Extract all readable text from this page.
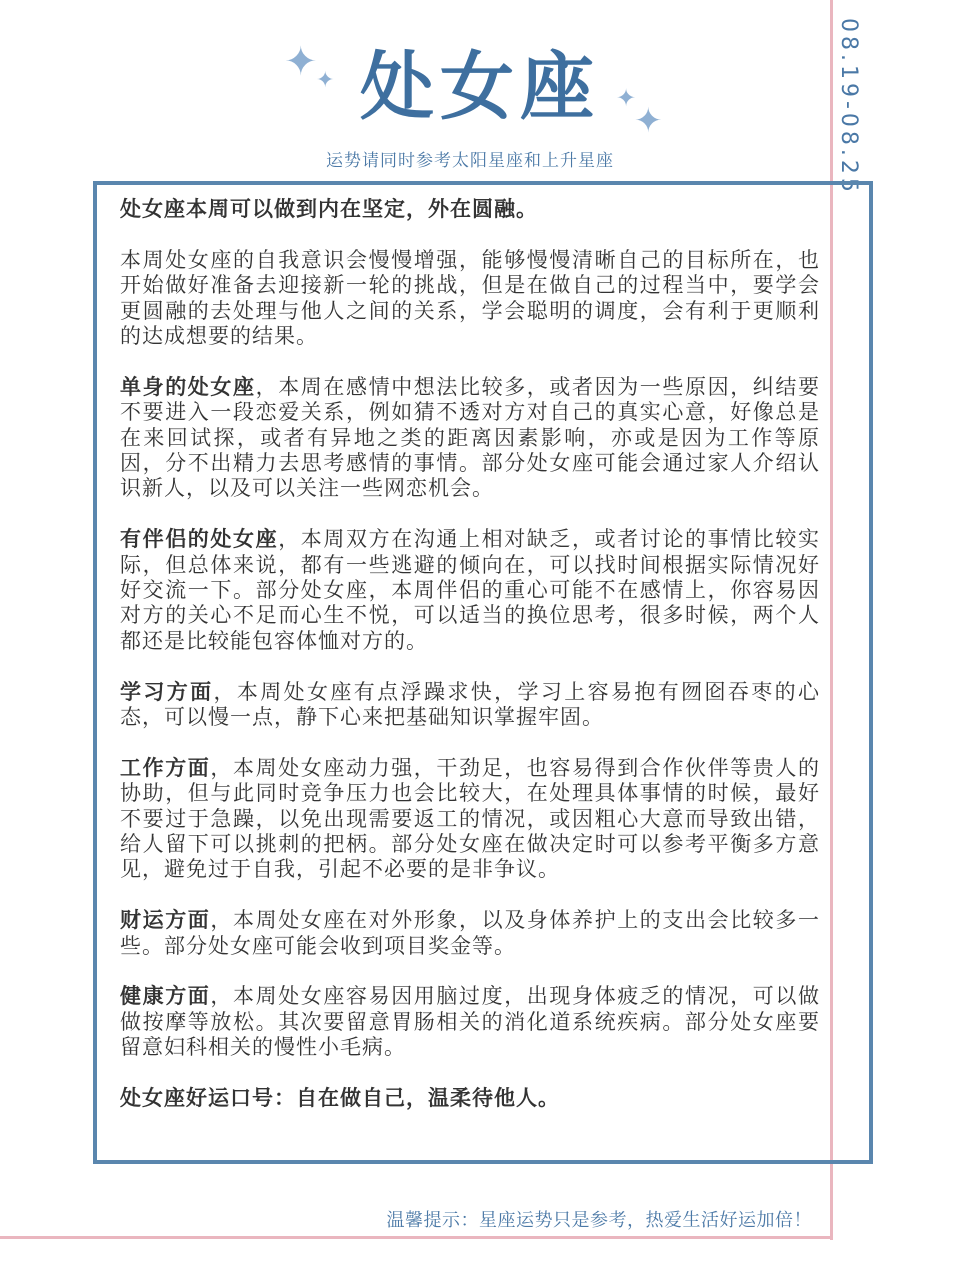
08.19-08.25
✦
✦
✦
✦
处女座
运势请同时参考太阳星座和上升星座

处女座本周可以做到内在坚定，外在圆融。

本周处女座的自我意识会慢慢增强，能够慢慢清晰自己的目标所在，也开始做好准备去迎接新一轮的挑战，但是在做自己的过程当中，要学会更圆融的去处理与他人之间的关系，学会聪明的调度，会有利于更顺利的达成想要的结果。

单身的处女座，本周在感情中想法比较多，或者因为一些原因，纠结要不要进入一段恋爱关系，例如猜不透对方对自己的真实心意，好像总是在来回试探，或者有异地之类的距离因素影响，亦或是因为工作等原因，分不出精力去思考感情的事情。部分处女座可能会通过家人介绍认识新人，以及可以关注一些网恋机会。

有伴侣的处女座，本周双方在沟通上相对缺乏，或者讨论的事情比较实际，但总体来说，都有一些逃避的倾向在，可以找时间根据实际情况好好交流一下。部分处女座，本周伴侣的重心可能不在感情上，你容易因对方的关心不足而心生不悦，可以适当的换位思考，很多时候，两个人都还是比较能包容体恤对方的。

学习方面，本周处女座有点浮躁求快，学习上容易抱有囫囵吞枣的心态，可以慢一点，静下心来把基础知识掌握牢固。

工作方面，本周处女座动力强，干劲足，也容易得到合作伙伴等贵人的协助，但与此同时竞争压力也会比较大，在处理具体事情的时候，最好不要过于急躁，以免出现需要返工的情况，或因粗心大意而导致出错，给人留下可以挑刺的把柄。部分处女座在做决定时可以参考平衡多方意见，避免过于自我，引起不必要的是非争议。

财运方面，本周处女座在对外形象，以及身体养护上的支出会比较多一些。部分处女座可能会收到项目奖金等。

健康方面，本周处女座容易因用脑过度，出现身体疲乏的情况，可以做做按摩等放松。其次要留意胃肠相关的消化道系统疾病。部分处女座要留意妇科相关的慢性小毛病。

处女座好运口号：自在做自己，温柔待他人。

温馨提示：星座运势只是参考，热爱生活好运加倍！
